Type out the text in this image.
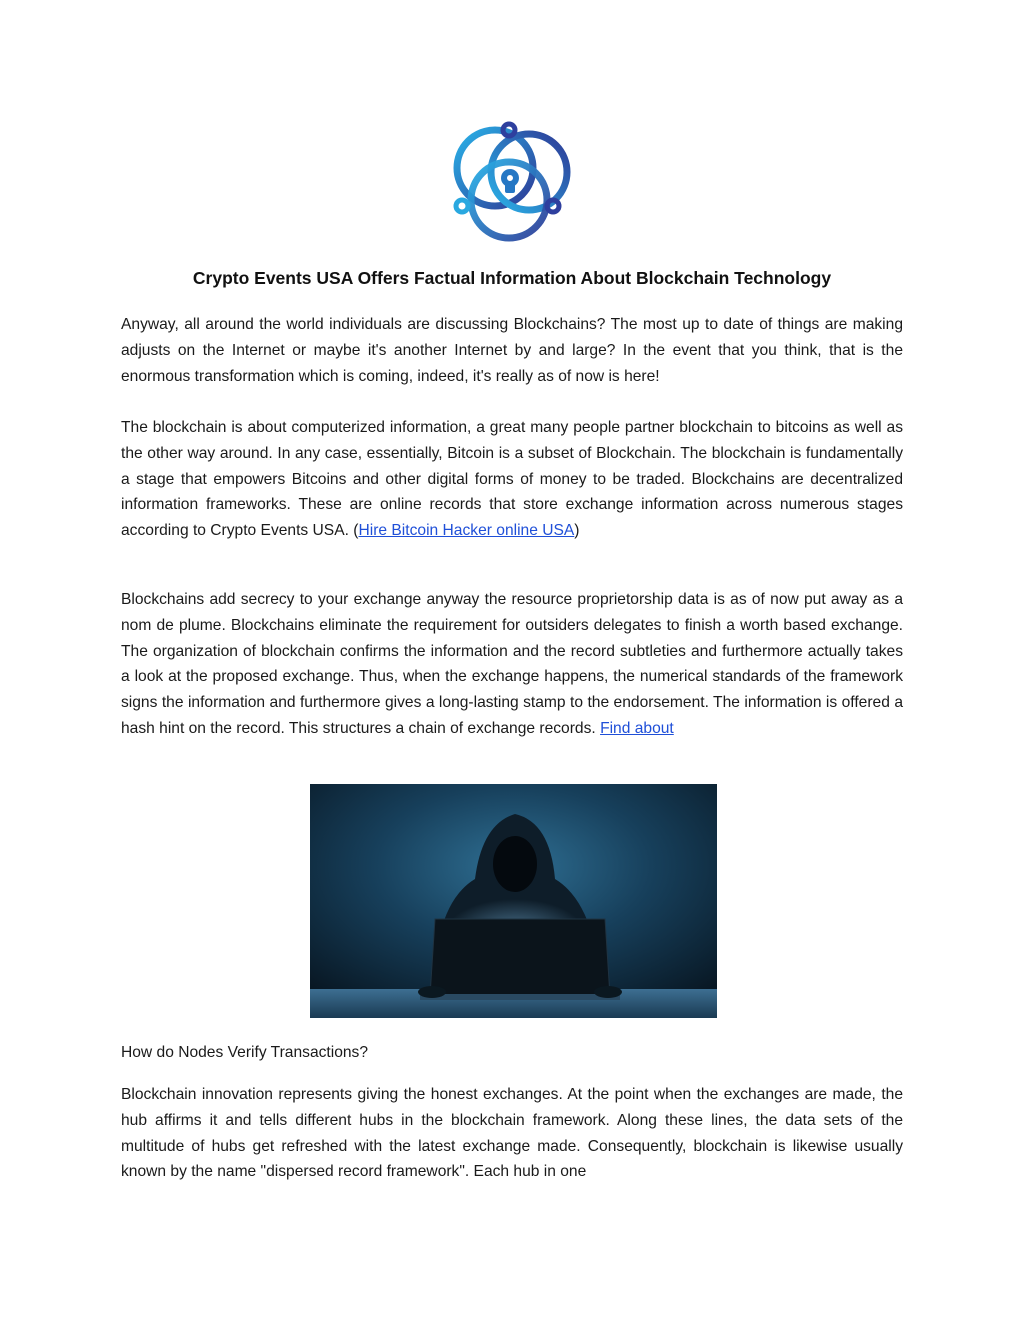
Crypto Events USA Offers Factual Information About Blockchain Technology

Anyway, all around the world individuals are discussing Blockchains? The most up to date of things are making adjusts on the Internet or maybe it's another Internet by and large? In the event that you think, that is the enormous transformation which is coming, indeed, it's really as of now is here!

The blockchain is about computerized information, a great many people partner blockchain to bitcoins as well as the other way around. In any case, essentially, Bitcoin is a subset of Blockchain. The blockchain is fundamentally a stage that empowers Bitcoins and other digital forms of money to be traded. Blockchains are decentralized information frameworks. These are online records that store exchange information across numerous stages according to Crypto Events USA. (Hire Bitcoin Hacker online USA)

Blockchains add secrecy to your exchange anyway the resource proprietorship data is as of now put away as a nom de plume. Blockchains eliminate the requirement for outsiders delegates to finish a worth based exchange. The organization of blockchain confirms the information and the record subtleties and furthermore actually takes a look at the proposed exchange. Thus, when the exchange happens, the numerical standards of the framework signs the information and furthermore gives a long-lasting stamp to the endorsement. The information is offered a hash hint on the record. This structures a chain of exchange records. Find about

How do Nodes Verify Transactions?

Blockchain innovation represents giving the honest exchanges. At the point when the exchanges are made, the hub affirms it and tells different hubs in the blockchain framework. Along these lines, the data sets of the multitude of hubs get refreshed with the latest exchange made. Consequently, blockchain is likewise usually known by the name "dispersed record framework". Each hub in one
